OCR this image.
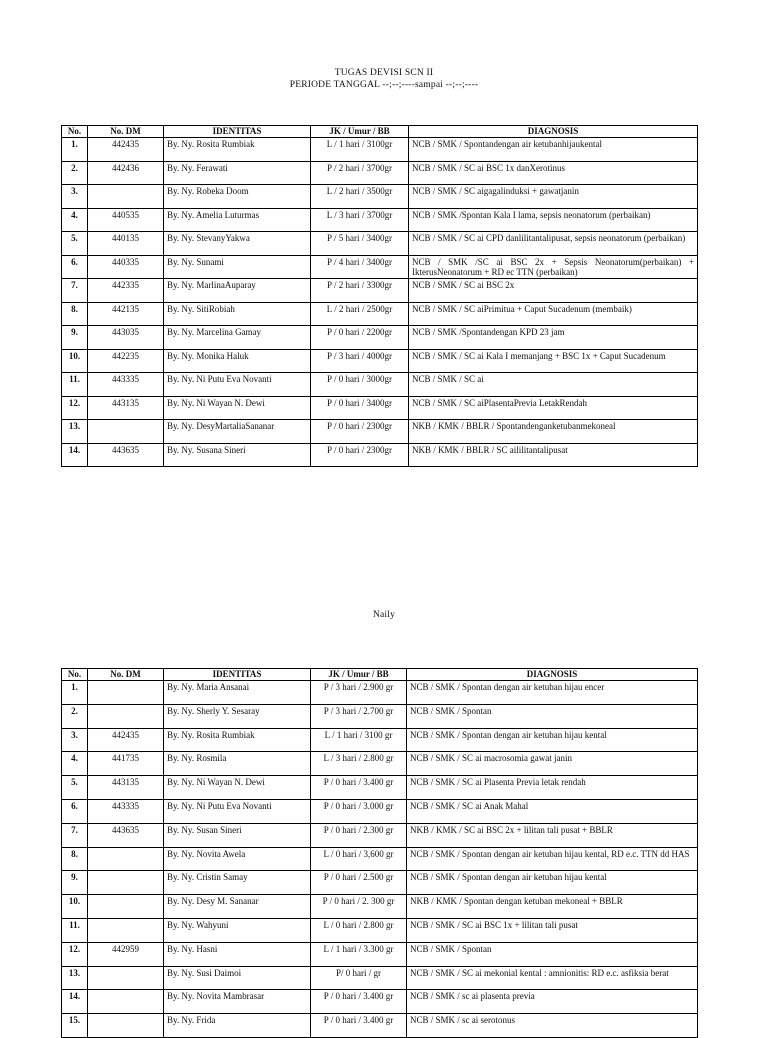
TUGAS DEVISI SCN II
PERIODE TANGGAL --;--;----sampai --;--;----
No.	No. DM	IDENTITAS	JK / Umur / BB	DIAGNOSIS
1.	442435	By. Ny. Rosita Rumbiak	L / 1 hari / 3100gr	NCB / SMK / Spontandengan air ketubanhijaukental
2.	442436	By. Ny. Ferawati	P / 2 hari / 3700gr	NCB / SMK / SC ai BSC 1x danXerotinus
3.		By. Ny. Robeka Doom	L / 2 hari / 3500gr	NCB / SMK / SC aigagalinduksi + gawatjanin
4.	440535	By. Ny. Amelia Luturmas	L / 3 hari / 3700gr	NCB / SMK /Spontan Kala I lama, sepsis neonatorum (perbaikan)
5.	440135	By. Ny. StevanyYakwa	P / 5 hari / 3400gr	NCB / SMK / SC ai CPD danlilitantalipusat, sepsis neonatorum (perbaikan)
6.	440335	By. Ny. Sunami	P / 4 hari / 3400gr	NCB / SMK /SC ai BSC 2x + Sepsis Neonatorum(perbaikan) + IkterusNeonatorum + RD ec TTN (perbaikan)
7.	442335	By. Ny. MarlinaAuparay	P / 2 hari / 3300gr	NCB / SMK / SC ai BSC 2x
8.	442135	By. Ny. SitiRobiah	L / 2 hari / 2500gr	NCB / SMK / SC aiPrimitua + Caput Sucadenum (membaik)
9.	443035	By. Ny. Marcelina Gamay	P / 0 hari / 2200gr	NCB / SMK /Spontandengan KPD 23 jam
10.	442235	By. Ny. Monika Haluk	P / 3 hari / 4000gr	NCB / SMK / SC ai Kala I memanjang + BSC 1x + Caput Sucadenum
11.	443335	By. Ny. Ni Putu Eva Novanti	P / 0 hari / 3000gr	NCB / SMK / SC ai
12.	443135	By. Ny. Ni Wayan N. Dewi	P / 0 hari / 3400gr	NCB / SMK / SC aiPlasentaPrevia LetakRendah
13.		By. Ny. DesyMartaliaSananar	P / 0 hari / 2300gr	NKB / KMK / BBLR / Spontandenganketubanmekoneal
14.	443635	By. Ny. Susana Sineri	P / 0 hari / 2300gr	NKB / KMK / BBLR / SC aililitantalipusat
Naily
No.	No. DM	IDENTITAS	JK / Umur / BB	DIAGNOSIS
1.		By. Ny. Maria Ansanai	P / 3 hari / 2.900 gr	NCB / SMK / Spontan dengan air ketuban hijau encer
2.		By. Ny. Sherly Y. Sesaray	P / 3 hari / 2.700 gr	NCB / SMK / Spontan
3.	442435	By. Ny. Rosita Rumbiak	L / 1 hari / 3100 gr	NCB / SMK / Spontan dengan air ketuban hijau kental
4.	441735	By. Ny. Rosmila	L / 3 hari / 2.800 gr	NCB / SMK / SC ai macrosomia gawat janin
5.	443135	By. Ny. Ni Wayan N. Dewi	P / 0 hari / 3.400 gr	NCB / SMK / SC ai Plasenta Previa letak rendah
6.	443335	By. Ny. Ni Putu Eva Novanti	P / 0 hari / 3.000 gr	NCB / SMK / SC ai Anak Mahal
7.	443635	By. Ny. Susan Sineri	P / 0 hari / 2.300 gr	NKB / KMK / SC ai BSC 2x + lilitan tali pusat + BBLR
8.		By. Ny. Novita Awela	L / 0 hari / 3,600 gr	NCB / SMK / Spontan dengan air ketuban hijau kental, RD e.c. TTN dd HAS
9.		By. Ny. Cristin Samay	P / 0 hari / 2.500 gr	NCB / SMK / Spontan dengan air ketuban hijau kental
10.		By. Ny. Desy M. Sananar	P / 0 hari / 2. 300 gr	NKB / KMK / Spontan dengan ketuban mekoneal + BBLR
11.		By. Ny. Wahyuni	L / 0 hari / 2.800 gr	NCB / SMK / SC ai BSC 1x + lilitan tali pusat
12.	442959	By. Ny. Hasni	L / 1 hari / 3.300 gr	NCB / SMK / Spontan
13.		By. Ny. Susi Daimoi	P/ 0 hari / gr	NCB / SMK / SC ai mekonial kental : amnionitis: RD e.c. asfiksia berat
14.		By. Ny. Novita Mambrasar	P / 0 hari / 3.400 gr	NCB / SMK / sc ai plasenta previa
15.		By. Ny. Frida	P / 0 hari / 3.400 gr	NCB / SMK / sc ai serotonus
